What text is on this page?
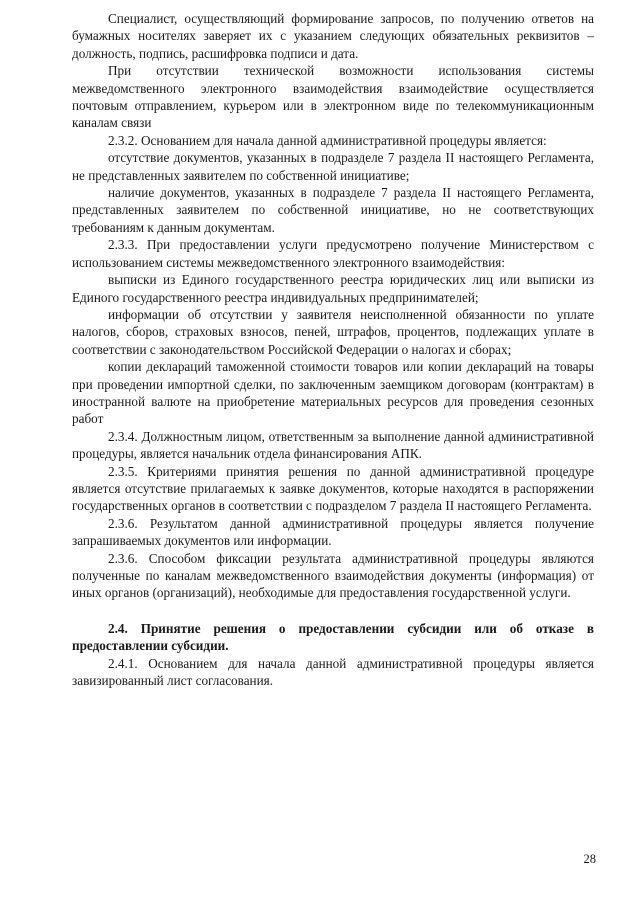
Специалист, осуществляющий формирование запросов, по получению ответов на бумажных носителях заверяет их с указанием следующих обязательных реквизитов – должность, подпись, расшифровка подписи и дата.

При отсутствии технической возможности использования системы межведомственного электронного взаимодействия взаимодействие осуществляется почтовым отправлением, курьером или в электронном виде по телекоммуникационным каналам связи

2.3.2. Основанием для начала данной административной процедуры является:

отсутствие документов, указанных в подразделе 7 раздела II настоящего Регламента, не представленных заявителем по собственной инициативе;

наличие документов, указанных в подразделе 7 раздела II настоящего Регламента, представленных заявителем по собственной инициативе, но не соответствующих требованиям к данным документам.

2.3.3. При предоставлении услуги предусмотрено получение Министерством с использованием системы межведомственного электронного взаимодействия:

выписки из Единого государственного реестра юридических лиц или выписки из Единого государственного реестра индивидуальных предпринимателей;

информации об отсутствии у заявителя неисполненной обязанности по уплате налогов, сборов, страховых взносов, пеней, штрафов, процентов, подлежащих уплате в соответствии с законодательством Российской Федерации о налогах и сборах;

копии деклараций таможенной стоимости товаров или копии деклараций на товары при проведении импортной сделки, по заключенным заемщиком договорам (контрактам) в иностранной валюте на приобретение материальных ресурсов для проведения сезонных работ

2.3.4. Должностным лицом, ответственным за выполнение данной административной процедуры, является начальник отдела финансирования АПК.

2.3.5. Критериями принятия решения по данной административной процедуре является отсутствие прилагаемых к заявке документов, которые находятся в распоряжении государственных органов в соответствии с подразделом 7 раздела II настоящего Регламента.

2.3.6. Результатом данной административной процедуры является получение запрашиваемых документов или информации.

2.3.6. Способом фиксации результата административной процедуры являются полученные по каналам межведомственного взаимодействия документы (информация) от иных органов (организаций), необходимые для предоставления государственной услуги.

2.4. Принятие решения о предоставлении субсидии или об отказе в предоставлении субсидии.

2.4.1. Основанием для начала данной административной процедуры является завизированный лист согласования.

28
